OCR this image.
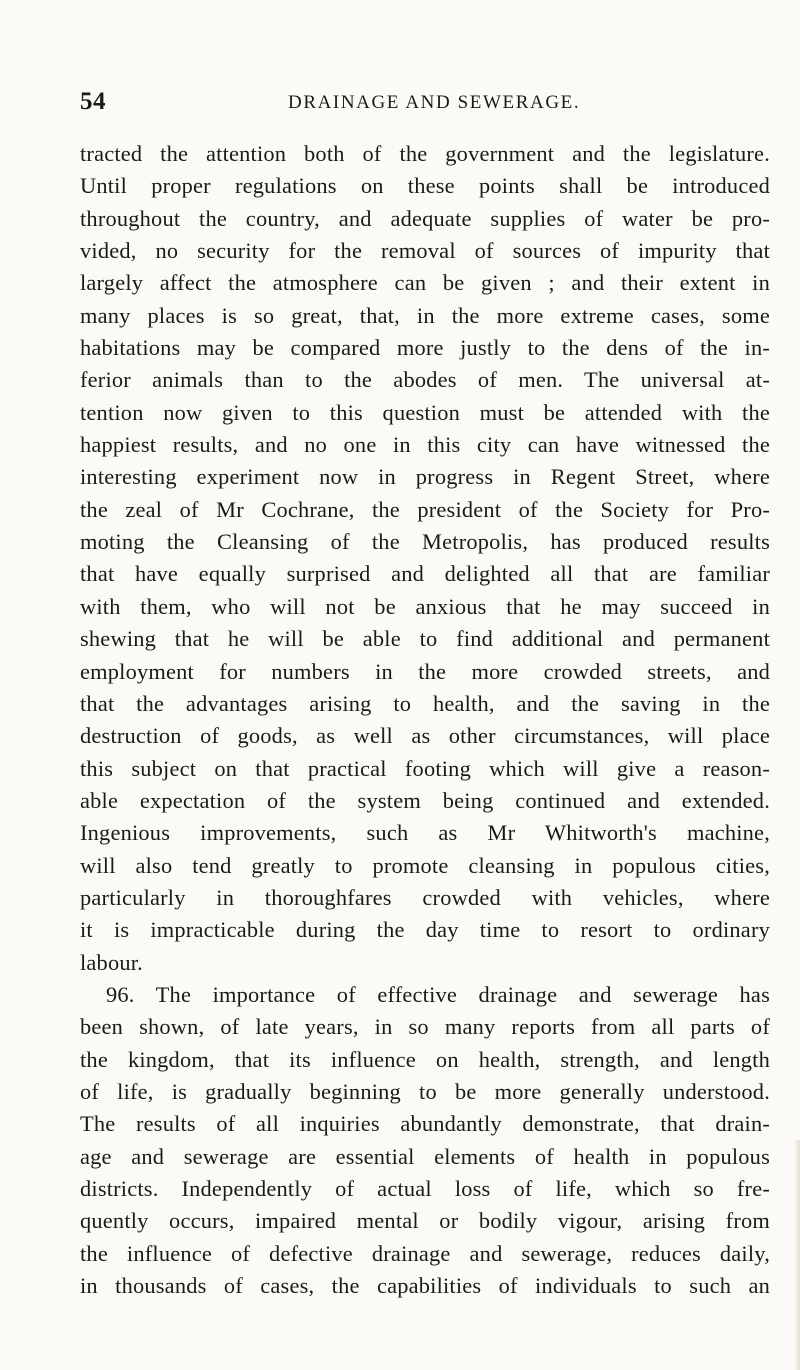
54	DRAINAGE AND SEWERAGE.
tracted the attention both of the government and the legislature.
Until proper regulations on these points shall be introduced
throughout the country, and adequate supplies of water be pro-
vided, no security for the removal of sources of impurity that
largely affect the atmosphere can be given ; and their extent in
many places is so great, that, in the more extreme cases, some
habitations may be compared more justly to the dens of the in-
ferior animals than to the abodes of men. The universal at-
tention now given to this question must be attended with the
happiest results, and no one in this city can have witnessed the
interesting experiment now in progress in Regent Street, where
the zeal of Mr Cochrane, the president of the Society for Pro-
moting the Cleansing of the Metropolis, has produced results
that have equally surprised and delighted all that are familiar
with them, who will not be anxious that he may succeed in
shewing that he will be able to find additional and permanent
employment for numbers in the more crowded streets, and
that the advantages arising to health, and the saving in the
destruction of goods, as well as other circumstances, will place
this subject on that practical footing which will give a reason-
able expectation of the system being continued and extended.
Ingenious improvements, such as Mr Whitworth's machine,
will also tend greatly to promote cleansing in populous cities,
particularly in thoroughfares crowded with vehicles, where
it is impracticable during the day time to resort to ordinary
labour.
96. The importance of effective drainage and sewerage has
been shown, of late years, in so many reports from all parts of
the kingdom, that its influence on health, strength, and length
of life, is gradually beginning to be more generally understood.
The results of all inquiries abundantly demonstrate, that drain-
age and sewerage are essential elements of health in populous
districts. Independently of actual loss of life, which so fre-
quently occurs, impaired mental or bodily vigour, arising from
the influence of defective drainage and sewerage, reduces daily,
in thousands of cases, the capabilities of individuals to such an
